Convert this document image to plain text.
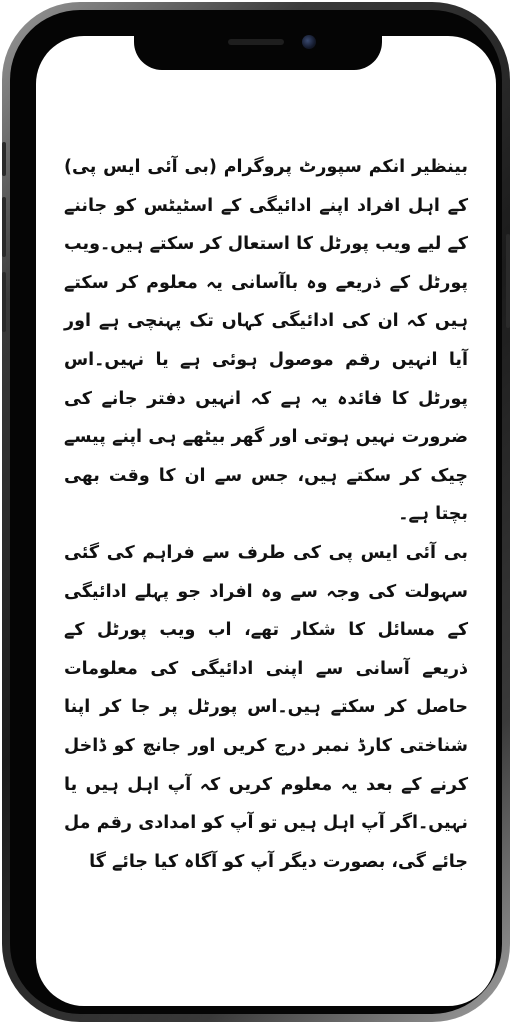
بینظیر انکم سپورٹ پروگرام (بی آئی ایس پی) کے اہل افراد اپنے ادائیگی کے اسٹیٹس کو جاننے کے لیے ویب پورٹل کا استعال کر سکتے ہیں۔ویب پورٹل کے ذریعے وہ باآسانی یہ معلوم کر سکتے ہیں کہ ان کی ادائیگی کہاں تک پہنچی ہے اور آیا انہیں رقم موصول ہوئی ہے یا نہیں۔اس پورٹل کا فائدہ یہ ہے کہ انہیں دفتر جانے کی ضرورت نہیں ہوتی اور گھر بیٹھے ہی اپنے پیسے چیک کر سکتے ہیں، جس سے ان کا وقت بھی بچتا ہے۔

بی آئی ایس پی کی طرف سے فراہم کی گئی سہولت کی وجہ سے وہ افراد جو پہلے ادائیگی کے مسائل کا شکار تھے، اب ویب پورٹل کے ذریعے آسانی سے اپنی ادائیگی کی معلومات حاصل کر سکتے ہیں۔اس پورٹل پر جا کر اپنا شناختی کارڈ نمبر درج کریں اور جانچ کو ڈاخل کرنے کے بعد یہ معلوم کریں کہ آپ اہل ہیں یا نہیں۔اگر آپ اہل ہیں تو آپ کو امدادی رقم مل جائے گی، بصورت دیگر آپ کو آگاہ کیا جائے گا
